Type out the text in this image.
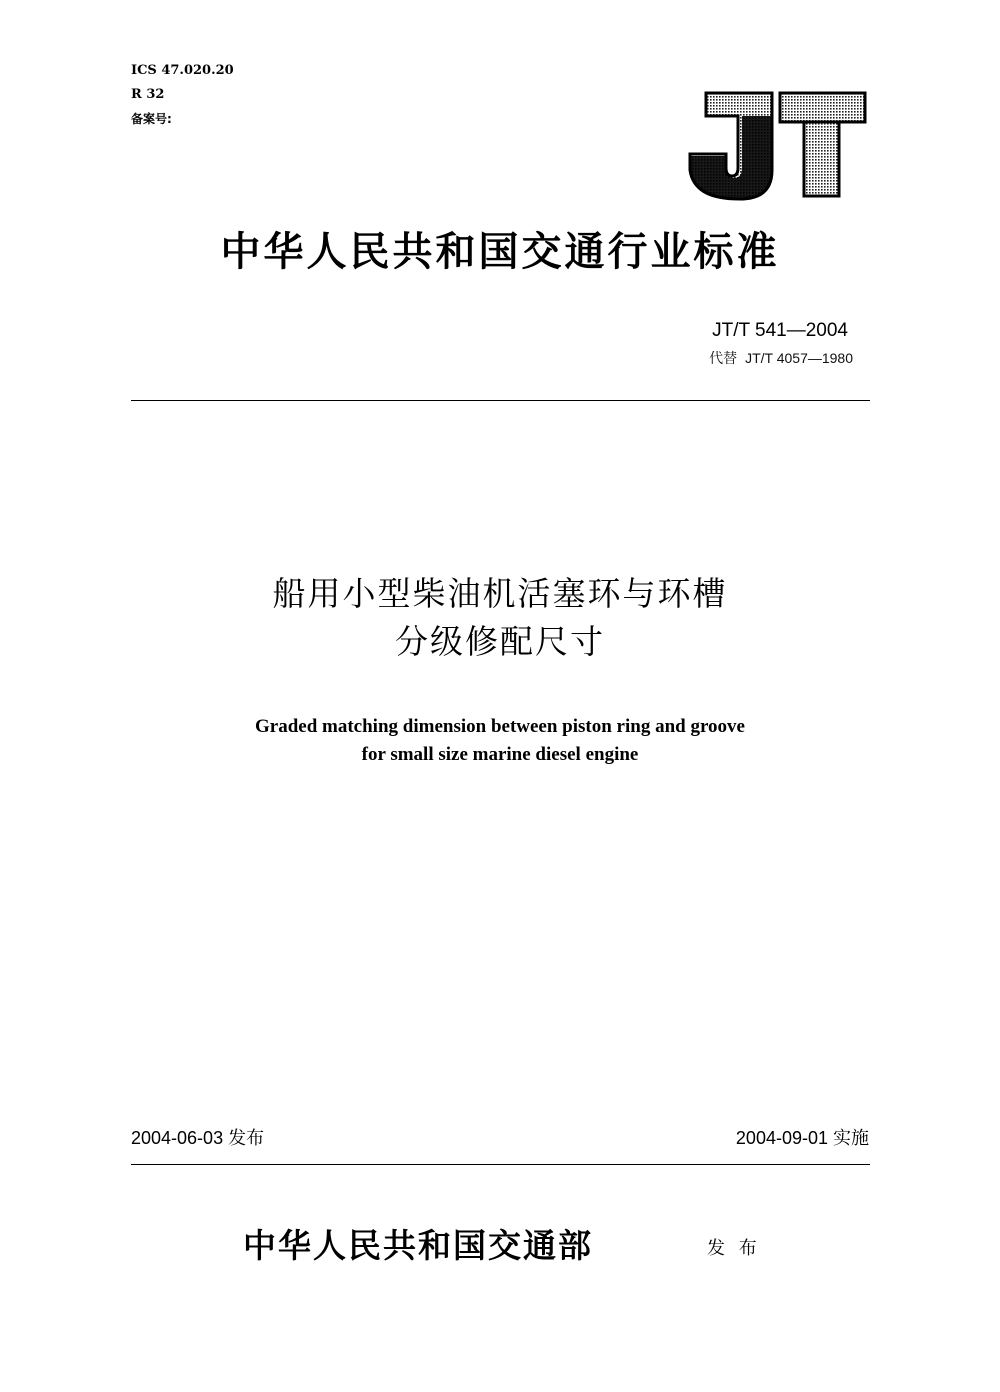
ICS 47.020.20
R 32
备案号:
中华人民共和国交通行业标准
JT/T 541—2004
代替 JT/T 4057—1980
船用小型柴油机活塞环与环槽
分级修配尺寸
Graded matching dimension between piston ring and groove
for small size marine diesel engine
2004-06-03 发布	2004-09-01 实施
中华人民共和国交通部	发 布
